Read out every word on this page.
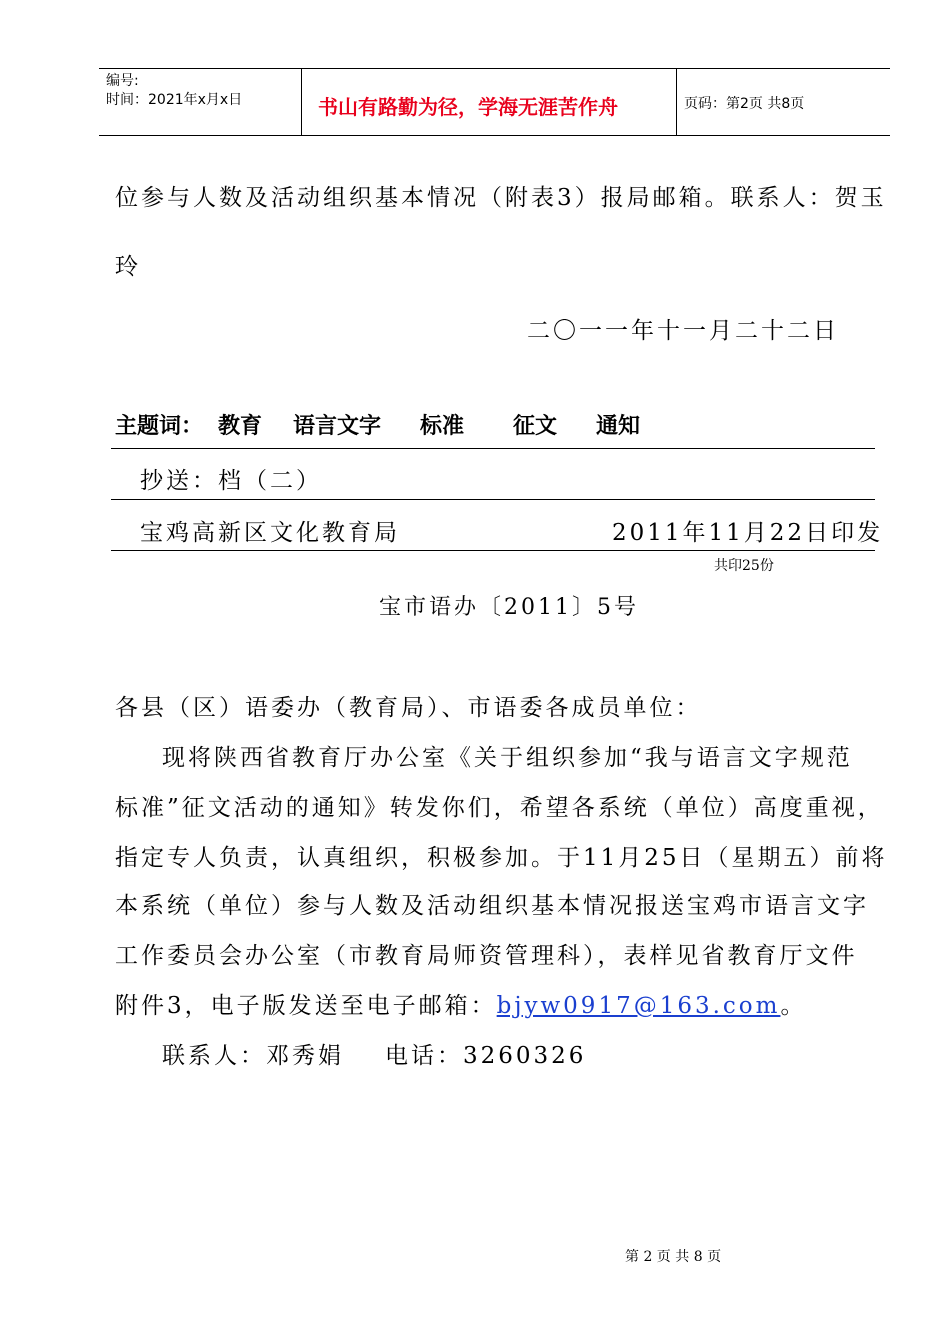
编号:
时间：2021年x月x日	书山有路勤为径，学海无涯苦作舟	页码：第2页 共8页
位参与人数及活动组织基本情况（附表3）报局邮箱。联系人：贺玉
玲
二〇一一年十一月二十二日
主题词： 教育 语言文字 标准 征文 通知
抄送：档（二）
宝鸡高新区文化教育局	2011年11月22日印发
共印25份
宝市语办〔2011〕5号
各县（区）语委办（教育局）、市语委各成员单位：
现将陕西省教育厅办公室《关于组织参加“我与语言文字规范
标准”征文活动的通知》转发你们，希望各系统（单位）高度重视，
指定专人负责，认真组织，积极参加。于11月25日（星期五）前将
本系统（单位）参与人数及活动组织基本情况报送宝鸡市语言文字
工作委员会办公室（市教育局师资管理科），表样见省教育厅文件
附件3，电子版发送至电子邮箱：bjyw0917@163.com。
联系人：邓秀娟 电话：3260326
第 2 页 共 8 页
